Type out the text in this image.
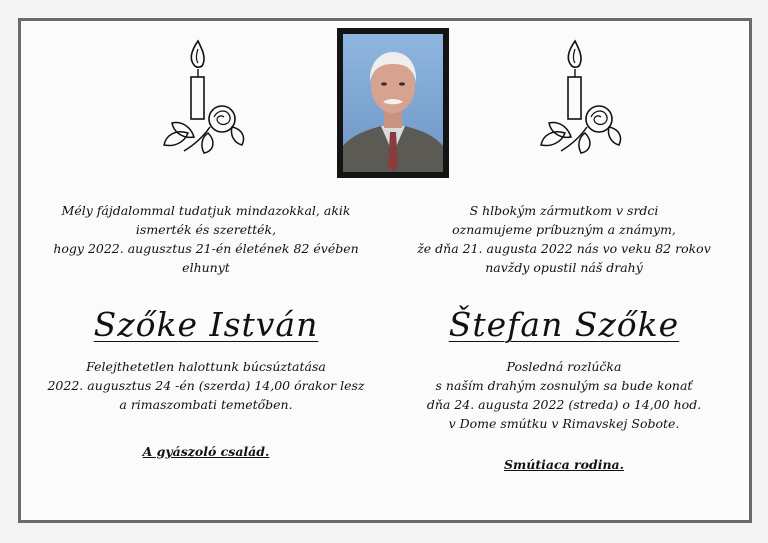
Mély fájdalommal tudatjuk mindazokkal, akik
ismerték és szerették,
hogy 2022. augusztus 21-én életének 82 évében
elhunyt
Szőke István
Felejthetetlen halottunk búcsúztatása
2022. augusztus 24 -én (szerda) 14,00 órakor lesz
a rimaszombati temetőben.
A gyászoló család.
S hlbokým zármutkom v srdci
oznamujeme príbuzným a známym,
že dňa 21. augusta 2022 nás vo veku 82 rokov
navždy opustil náš drahý
Štefan Szőke
Posledná rozlúčka
s naším drahým zosnulým sa bude konať
dňa 24. augusta 2022 (streda) o 14,00 hod.
v Dome smútku v Rimavskej Sobote.
Smútiaca rodina.
